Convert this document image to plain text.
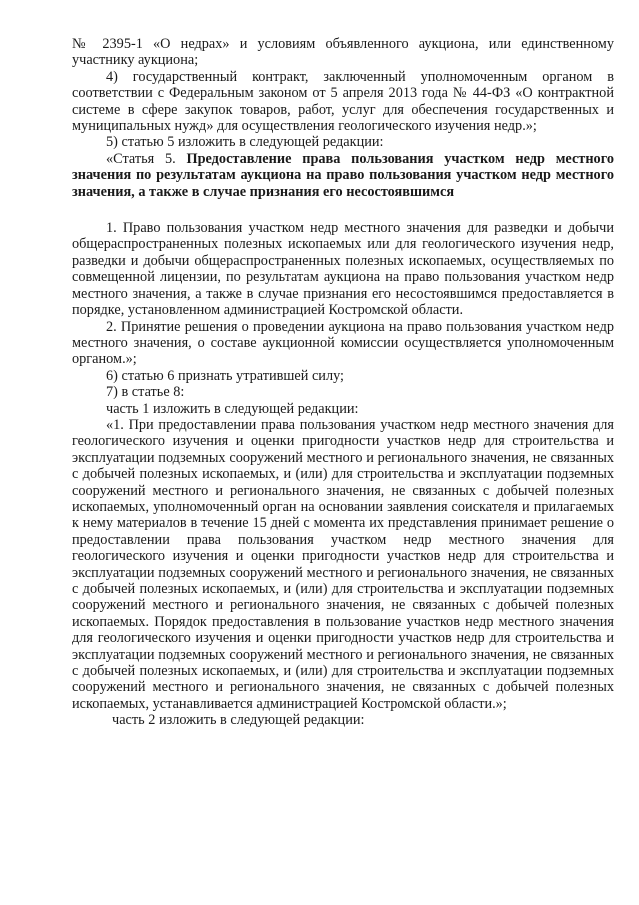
№ 2395-1 «О недрах» и условиям объявленного аукциона, или единственному участнику аукциона;

4) государственный контракт, заключенный уполномоченным органом в соответствии с Федеральным законом от 5 апреля 2013 года № 44-ФЗ «О контрактной системе в сфере закупок товаров, работ, услуг для обеспечения государственных и муниципальных нужд» для осуществления геологического изучения недр.»;

5) статью 5 изложить в следующей редакции:

«Статья 5. Предоставление права пользования участком недр местного значения по результатам аукциона на право пользования участком недр местного значения, а также в случае признания его несостоявшимся

1. Право пользования участком недр местного значения для разведки и добычи общераспространенных полезных ископаемых или для геологического изучения недр, разведки и добычи общераспространенных полезных ископаемых, осуществляемых по совмещенной лицензии, по результатам аукциона на право пользования участком недр местного значения, а также в случае признания его несостоявшимся предоставляется в порядке, установленном администрацией Костромской области.

2. Принятие решения о проведении аукциона на право пользования участком недр местного значения, о составе аукционной комиссии осуществляется уполномоченным органом.»;

6) статью 6 признать утратившей силу;

7) в статье 8:

часть 1 изложить в следующей редакции:

«1. При предоставлении права пользования участком недр местного значения для геологического изучения и оценки пригодности участков недр для строительства и эксплуатации подземных сооружений местного и регионального значения, не связанных с добычей полезных ископаемых, и (или) для строительства и эксплуатации подземных сооружений местного и регионального значения, не связанных с добычей полезных ископаемых, уполномоченный орган на основании заявления соискателя и прилагаемых к нему материалов в течение 15 дней с момента их представления принимает решение о предоставлении права пользования участком недр местного значения для геологического изучения и оценки пригодности участков недр для строительства и эксплуатации подземных сооружений местного и регионального значения, не связанных с добычей полезных ископаемых, и (или) для строительства и эксплуатации подземных сооружений местного и регионального значения, не связанных с добычей полезных ископаемых. Порядок предоставления в пользование участков недр местного значения для геологического изучения и оценки пригодности участков недр для строительства и эксплуатации подземных сооружений местного и регионального значения, не связанных с добычей полезных ископаемых, и (или) для строительства и эксплуатации подземных сооружений местного и регионального значения, не связанных с добычей полезных ископаемых, устанавливается администрацией Костромской области.»;

часть 2 изложить в следующей редакции:
